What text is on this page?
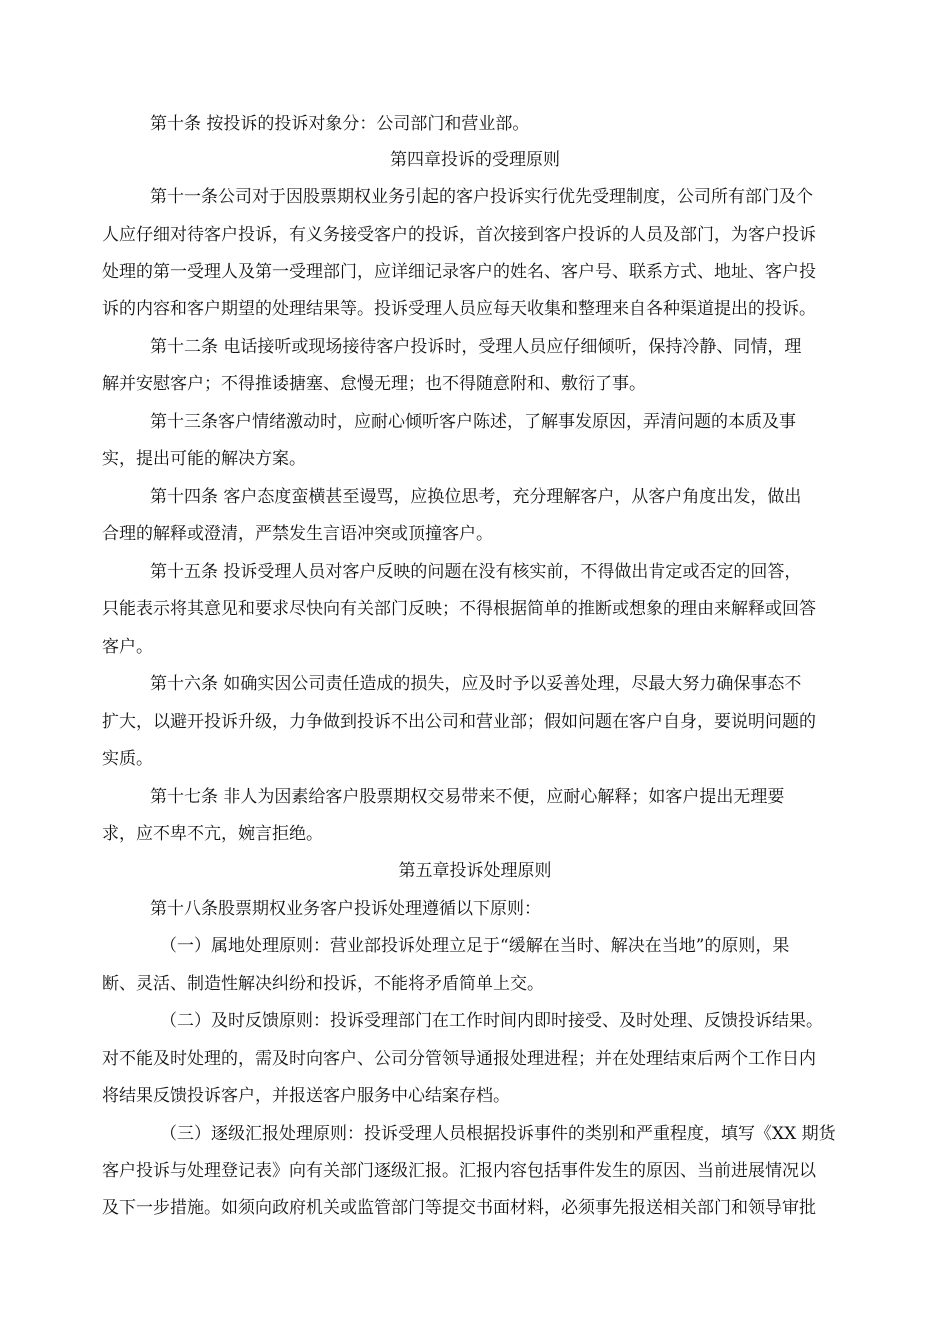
第十条 按投诉的投诉对象分：公司部门和营业部。
第四章投诉的受理原则
第十一条公司对于因股票期权业务引起的客户投诉实行优先受理制度，公司所有部门及个
人应仔细对待客户投诉，有义务接受客户的投诉，首次接到客户投诉的人员及部门，为客户投诉
处理的第一受理人及第一受理部门，应详细记录客户的姓名、客户号、联系方式、地址、客户投
诉的内容和客户期望的处理结果等。投诉受理人员应每天收集和整理来自各种渠道提出的投诉。
第十二条 电话接听或现场接待客户投诉时，受理人员应仔细倾听，保持冷静、同情，理
解并安慰客户；不得推诿搪塞、怠慢无理；也不得随意附和、敷衍了事。
第十三条客户情绪激动时，应耐心倾听客户陈述，了解事发原因，弄清问题的本质及事
实，提出可能的解决方案。
第十四条 客户态度蛮横甚至谩骂，应换位思考，充分理解客户，从客户角度出发，做出
合理的解释或澄清，严禁发生言语冲突或顶撞客户。
第十五条 投诉受理人员对客户反映的问题在没有核实前，不得做出肯定或否定的回答，
只能表示将其意见和要求尽快向有关部门反映；不得根据简单的推断或想象的理由来解释或回答
客户。
第十六条 如确实因公司责任造成的损失，应及时予以妥善处理，尽最大努力确保事态不
扩大，以避开投诉升级，力争做到投诉不出公司和营业部；假如问题在客户自身，要说明问题的
实质。
第十七条 非人为因素给客户股票期权交易带来不便，应耐心解释；如客户提出无理要
求，应不卑不亢，婉言拒绝。
第五章投诉处理原则
第十八条股票期权业务客户投诉处理遵循以下原则：
（一）属地处理原则：营业部投诉处理立足于“缓解在当时、解决在当地”的原则，果
断、灵活、制造性解决纠纷和投诉，不能将矛盾简单上交。
（二）及时反馈原则：投诉受理部门在工作时间内即时接受、及时处理、反馈投诉结果。
对不能及时处理的，需及时向客户、公司分管领导通报处理进程；并在处理结束后两个工作日内
将结果反馈投诉客户，并报送客户服务中心结案存档。
（三）逐级汇报处理原则：投诉受理人员根据投诉事件的类别和严重程度，填写《XX 期货
客户投诉与处理登记表》向有关部门逐级汇报。汇报内容包括事件发生的原因、当前进展情况以
及下一步措施。如须向政府机关或监管部门等提交书面材料，必须事先报送相关部门和领导审批
